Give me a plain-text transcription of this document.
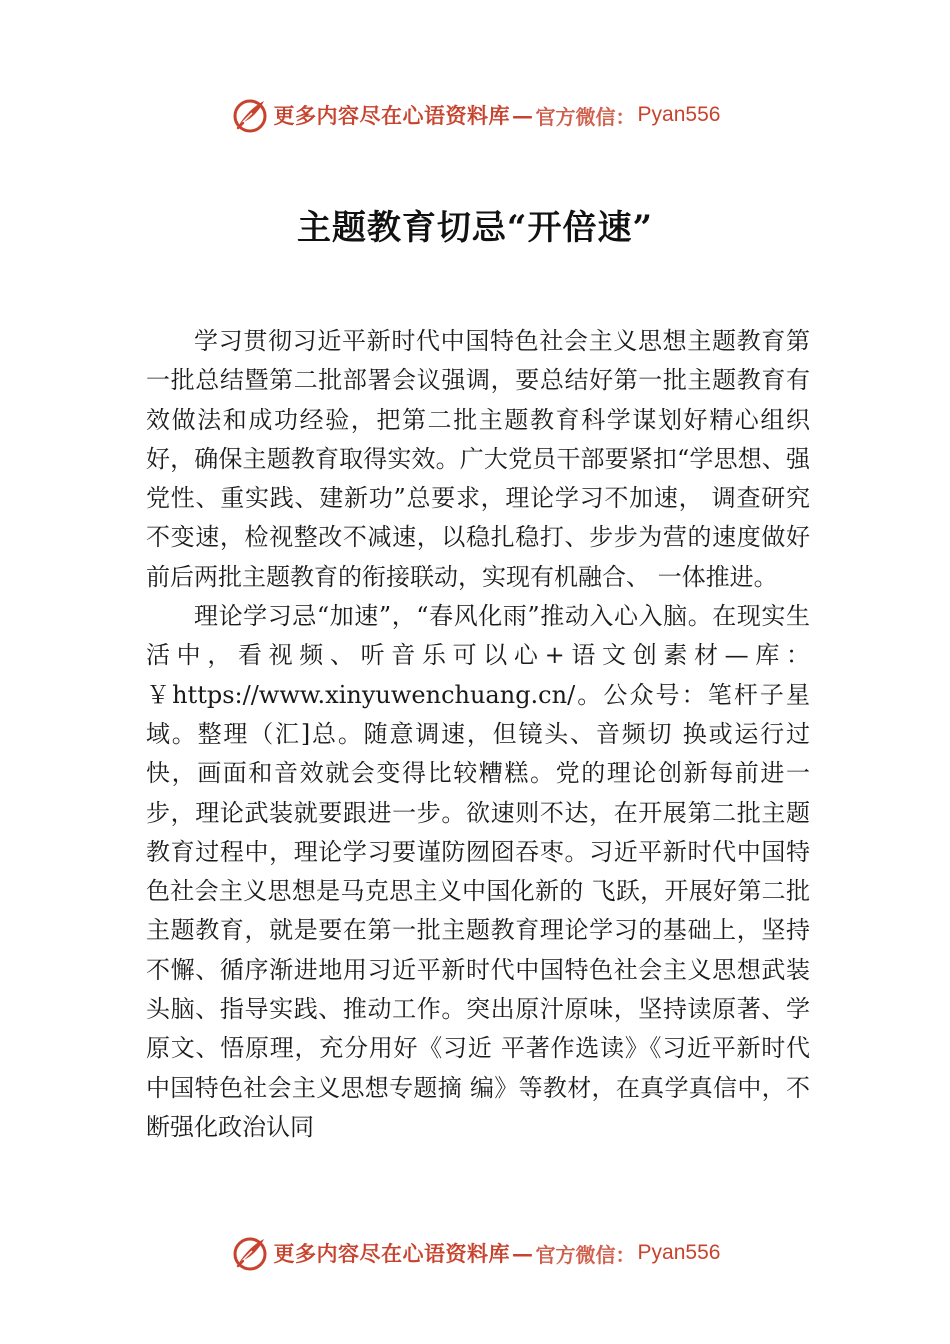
更多内容尽在心语资料库 — 官方微信： Pyan556
主题教育切忌“开倍速”

学习贯彻习近平新时代中国特色社会主义思想主题教育第一批总结暨第二批部署会议强调，要总结好第一批主题教育有效做法和成功经验，把第二批主题教育科学谋划好精心组织好，确保主题教育取得实效。广大党员干部要紧扣“学思想、强党性、重实践、建新功”总要求，理论学习不加速， 调查研究不变速，检视整改不减速，以稳扎稳打、步步为营的速度做好前后两批主题教育的衔接联动，实现有机融合、 一体推进。

理论学习忌“加速”，“春风化雨”推动入心入脑。在现实生活中，看视频、听音乐可以心+语文创素材—库：￥https://www.xinyuwenchuang.cn/。公众号：笔杆子星域。整理（汇]总。随意调速，但镜头、音频切 换或运行过快，画面和音效就会变得比较糟糕。党的理论创新每前进一步，理论武装就要跟进一步。欲速则不达，在开展第二批主题教育过程中，理论学习要谨防囫囵吞枣。习近平新时代中国特色社会主义思想是马克思主义中国化新的 飞跃，开展好第二批主题教育，就是要在第一批主题教育理论学习的基础上，坚持不懈、循序渐进地用习近平新时代中国特色社会主义思想武装头脑、指导实践、推动工作。突出原汁原味，坚持读原著、学原文、悟原理，充分用好《习近 平著作选读》《习近平新时代中国特色社会主义思想专题摘 编》等教材，在真学真信中，不断强化政治认同

更多内容尽在心语资料库 — 官方微信： Pyan556
